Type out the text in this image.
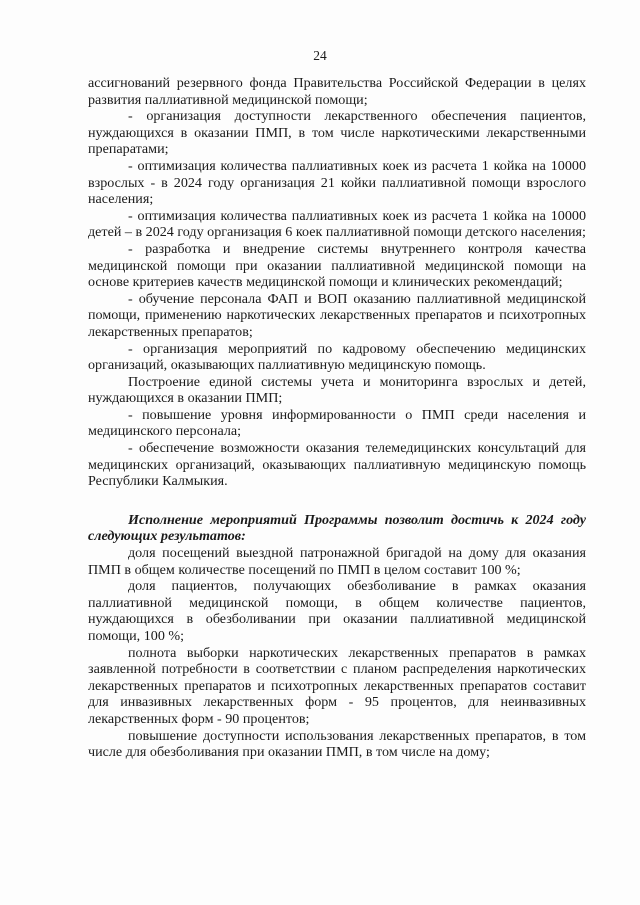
24

ассигнований резервного фонда Правительства Российской Федерации в целях развития паллиативной медицинской помощи;

- организация доступности лекарственного обеспечения пациентов, нуждающихся в оказании ПМП, в том числе наркотическими лекарственными препаратами;

- оптимизация количества паллиативных коек из расчета 1 койка на 10000 взрослых - в 2024 году организация 21 койки паллиативной помощи взрослого населения;

- оптимизация количества паллиативных коек из расчета 1 койка на 10000 детей – в 2024 году организация 6 коек паллиативной помощи детского населения;

- разработка и внедрение системы внутреннего контроля качества медицинской помощи при оказании паллиативной медицинской помощи на основе критериев качеств медицинской помощи и клинических рекомендаций;

- обучение персонала ФАП и ВОП оказанию паллиативной медицинской помощи, применению наркотических лекарственных препаратов и психотропных лекарственных препаратов;

- организация мероприятий по кадровому обеспечению медицинских организаций, оказывающих паллиативную медицинскую помощь.

Построение единой системы учета и мониторинга взрослых и детей, нуждающихся в оказании ПМП;

- повышение уровня информированности о ПМП среди населения и медицинского персонала;

- обеспечение возможности оказания телемедицинских консультаций для медицинских организаций, оказывающих паллиативную медицинскую помощь Республики Калмыкия.

Исполнение мероприятий Программы позволит достичь к 2024 году следующих результатов:

доля посещений выездной патронажной бригадой на дому для оказания ПМП в общем количестве посещений по ПМП в целом составит 100 %;

доля пациентов, получающих обезболивание в рамках оказания паллиативной медицинской помощи, в общем количестве пациентов, нуждающихся в обезболивании при оказании паллиативной медицинской помощи, 100 %;

полнота выборки наркотических лекарственных препаратов в рамках заявленной потребности в соответствии с планом распределения наркотических лекарственных препаратов и психотропных лекарственных препаратов составит для инвазивных лекарственных форм - 95 процентов, для неинвазивных лекарственных форм - 90 процентов;

повышение доступности использования лекарственных препаратов, в том числе для обезболивания при оказании ПМП, в том числе на дому;
